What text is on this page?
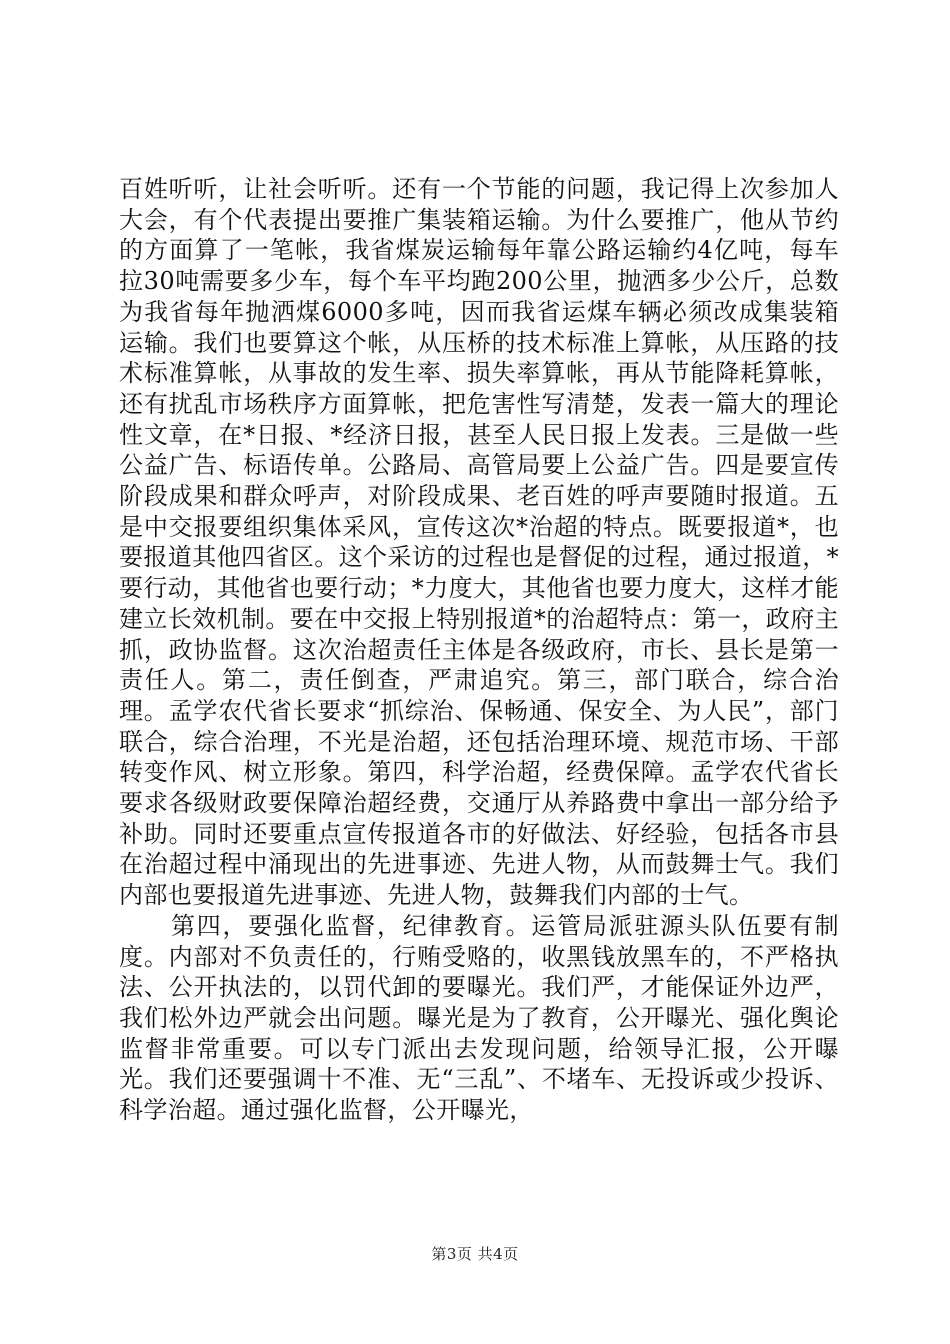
百姓听听，让社会听听。还有一个节能的问题，我记得上次参加人大会，有个代表提出要推广集装箱运输。为什么要推广，他从节约的方面算了一笔帐，我省煤炭运输每年靠公路运输约4亿吨，每车拉30吨需要多少车，每个车平均跑200公里，抛洒多少公斤，总数为我省每年抛洒煤6000多吨，因而我省运煤车辆必须改成集装箱运输。我们也要算这个帐，从压桥的技术标准上算帐，从压路的技术标准算帐，从事故的发生率、损失率算帐，再从节能降耗算帐，还有扰乱市场秩序方面算帐，把危害性写清楚，发表一篇大的理论性文章，在*日报、*经济日报，甚至人民日报上发表。三是做一些公益广告、标语传单。公路局、高管局要上公益广告。四是要宣传阶段成果和群众呼声，对阶段成果、老百姓的呼声要随时报道。五是中交报要组织集体采风，宣传这次*治超的特点。既要报道*，也要报道其他四省区。这个采访的过程也是督促的过程，通过报道，*要行动，其他省也要行动；*力度大，其他省也要力度大，这样才能建立长效机制。要在中交报上特别报道*的治超特点：第一，政府主抓，政协监督。这次治超责任主体是各级政府，市长、县长是第一责任人。第二，责任倒查，严肃追究。第三，部门联合，综合治理。孟学农代省长要求“抓综治、保畅通、保安全、为人民”，部门联合，综合治理，不光是治超，还包括治理环境、规范市场、干部转变作风、树立形象。第四，科学治超，经费保障。孟学农代省长要求各级财政要保障治超经费，交通厅从养路费中拿出一部分给予补助。同时还要重点宣传报道各市的好做法、好经验，包括各市县在治超过程中涌现出的先进事迹、先进人物，从而鼓舞士气。我们内部也要报道先进事迹、先进人物，鼓舞我们内部的士气。

第四，要强化监督，纪律教育。运管局派驻源头队伍要有制度。内部对不负责任的，行贿受赂的，收黑钱放黑车的，不严格执法、公开执法的，以罚代卸的要曝光。我们严，才能保证外边严，我们松外边严就会出问题。曝光是为了教育，公开曝光、强化舆论监督非常重要。可以专门派出去发现问题，给领导汇报，公开曝光。我们还要强调十不准、无“三乱”、不堵车、无投诉或少投诉、科学治超。通过强化监督，公开曝光，

第3页 共4页
